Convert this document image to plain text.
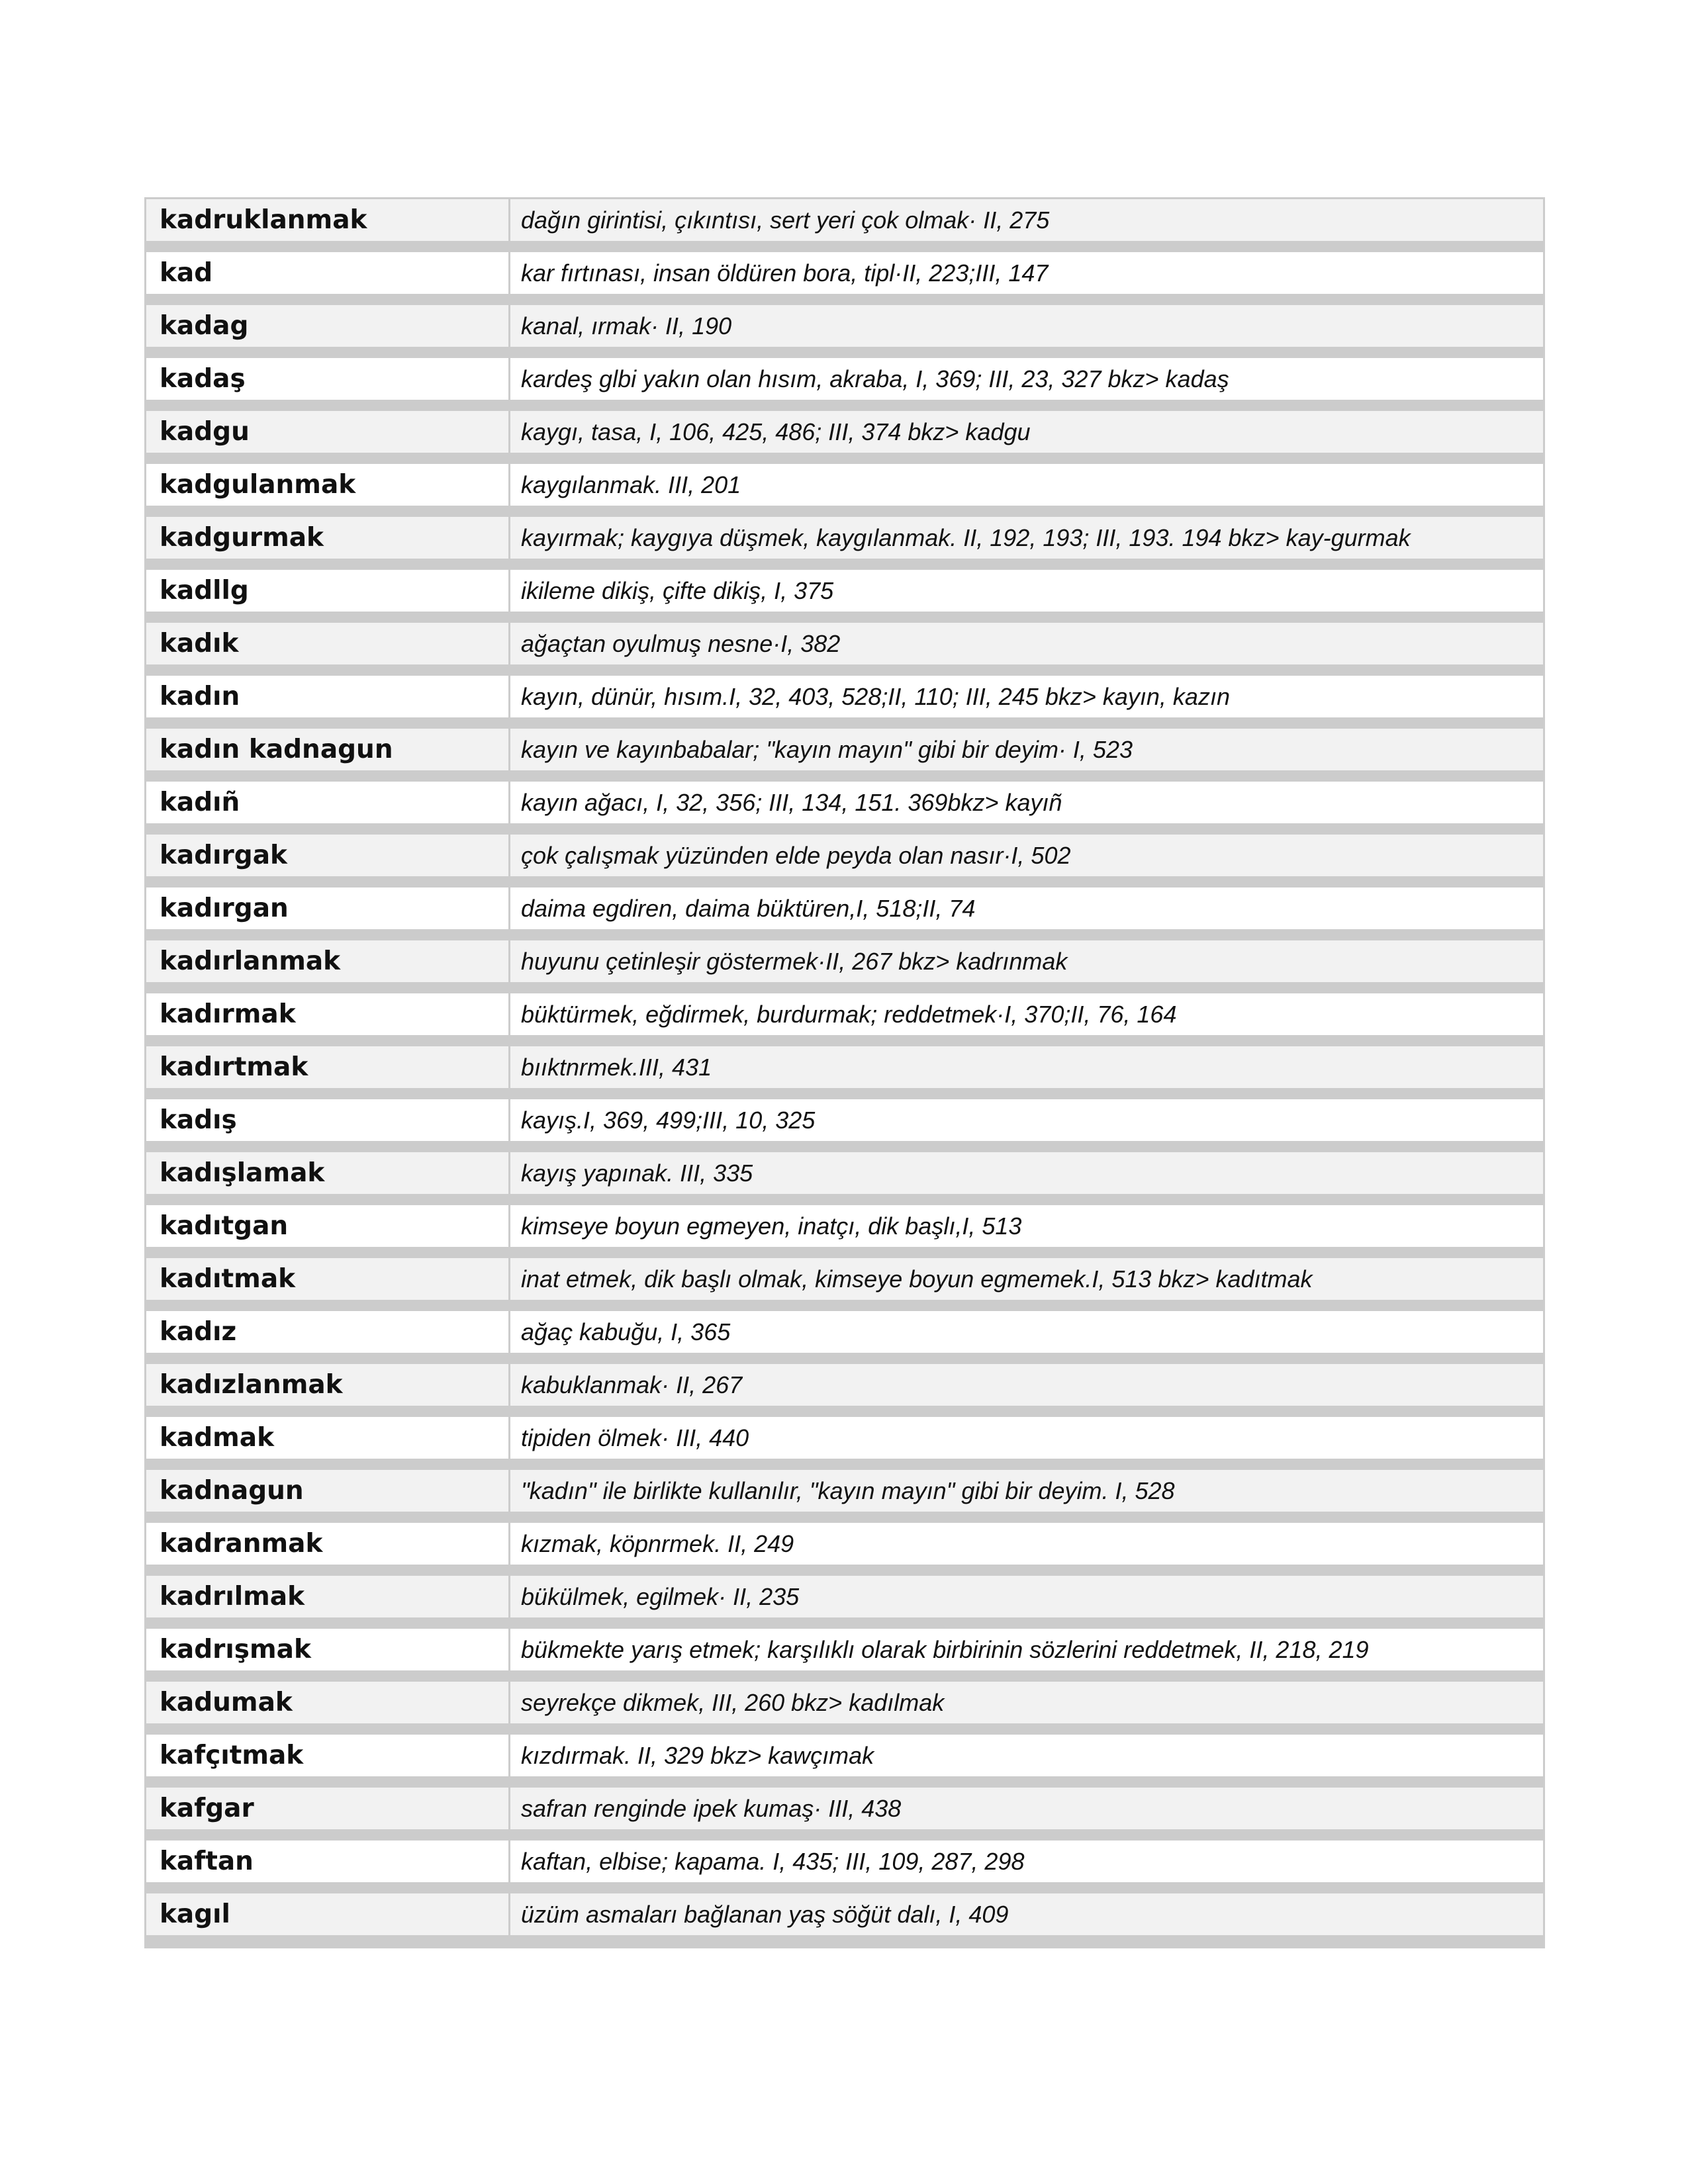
kadruklanmak	dağın girintisi, çıkıntısı, sert yeri çok olmak· II, 275
kad	kar fırtınası, insan öldüren bora, tipl·II, 223;III, 147
kadag	kanal, ırmak· II, 190
kadaş	kardeş glbi yakın olan hısım, akraba, I, 369; III, 23, 327 bkz> kadaş
kadgu	kaygı, tasa, I, 106, 425, 486; III, 374 bkz> kadgu
kadgulanmak	kaygılanmak. III, 201
kadgurmak	kayırmak; kaygıya düşmek, kaygılanmak. II, 192, 193; III, 193. 194 bkz> kay-gurmak
kadllg	ikileme dikiş, çifte dikiş, I, 375
kadık	ağaçtan oyulmuş nesne·I, 382
kadın	kayın, dünür, hısım.I, 32, 403, 528;II, 110; III, 245 bkz> kayın, kazın
kadın kadnagun	kayın ve kayınbabalar; "kayın mayın" gibi bir deyim· I, 523
kadıñ	kayın ağacı, I, 32, 356; III, 134, 151. 369bkz> kayıñ
kadırgak	çok çalışmak yüzünden elde peyda olan nasır·I, 502
kadırgan	daima egdiren, daima büktüren,I, 518;II, 74
kadırlanmak	huyunu çetinleşir göstermek·II, 267 bkz> kadrınmak
kadırmak	büktürmek, eğdirmek, burdurmak; reddetmek·I, 370;II, 76, 164
kadırtmak	bııktnrmek.III, 431
kadış	kayış.I, 369, 499;III, 10, 325
kadışlamak	kayış yapınak. III, 335
kadıtgan	kimseye boyun egmeyen, inatçı, dik başlı,I, 513
kadıtmak	inat etmek, dik başlı olmak, kimseye boyun egmemek.I, 513 bkz> kadıtmak
kadız	ağaç kabuğu, I, 365
kadızlanmak	kabuklanmak· II, 267
kadmak	tipiden ölmek· III, 440
kadnagun	"kadın" ile birlikte kullanılır, "kayın mayın" gibi bir deyim. I, 528
kadranmak	kızmak, köpnrmek. II, 249
kadrılmak	bükülmek, egilmek· II, 235
kadrışmak	bükmekte yarış etmek; karşılıklı olarak birbirinin sözlerini reddetmek, II, 218, 219
kadumak	seyrekçe dikmek, III, 260 bkz> kadılmak
kafçıtmak	kızdırmak. II, 329 bkz> kawçımak
kafgar	safran renginde ipek kumaş· III, 438
kaftan	kaftan, elbise; kapama. I, 435; III, 109, 287, 298
kagıl	üzüm asmaları bağlanan yaş söğüt dalı, I, 409
